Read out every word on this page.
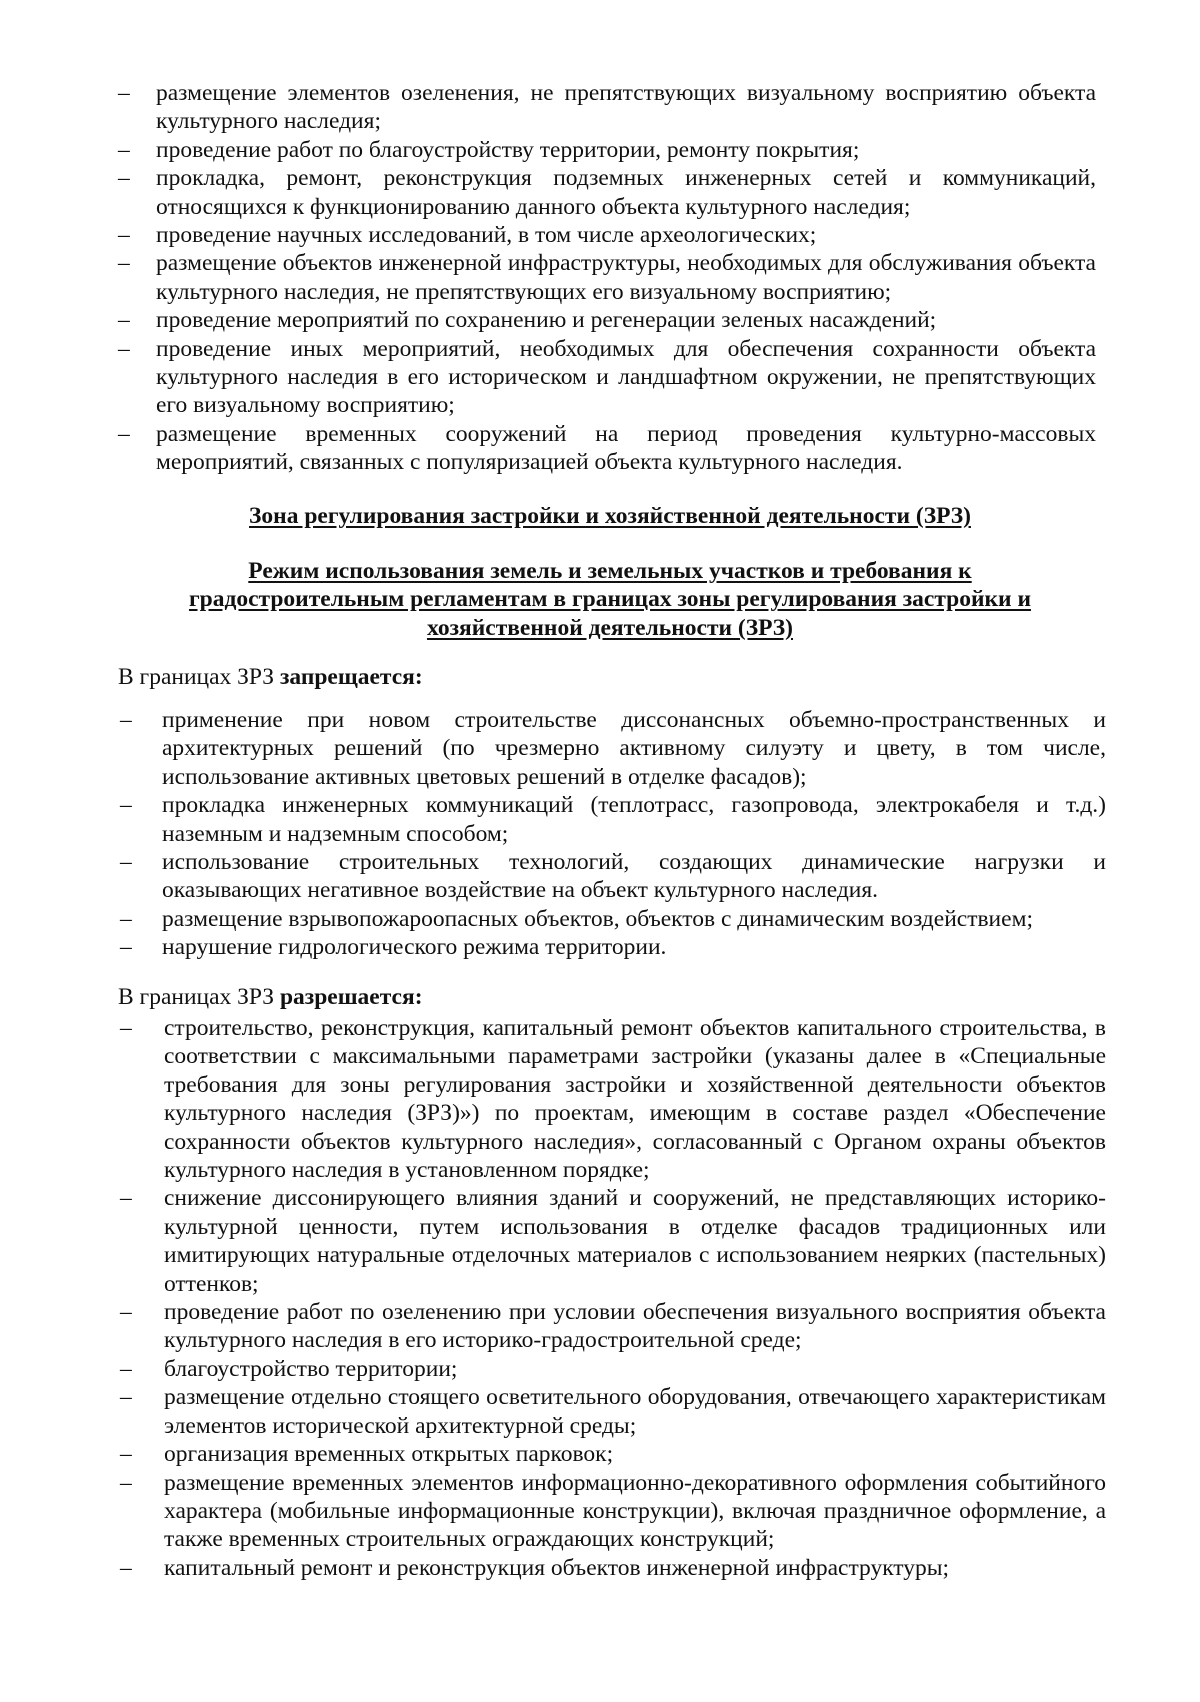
– размещение элементов озеленения, не препятствующих визуальному восприятию объекта культурного наследия;
– проведение работ по благоустройству территории, ремонту покрытия;
– прокладка, ремонт, реконструкция подземных инженерных сетей и коммуникаций, относящихся к функционированию данного объекта культурного наследия;
– проведение научных исследований, в том числе археологических;
– размещение объектов инженерной инфраструктуры, необходимых для обслуживания объекта культурного наследия, не препятствующих его визуальному восприятию;
– проведение мероприятий по сохранению и регенерации зеленых насаждений;
– проведение иных мероприятий, необходимых для обеспечения сохранности объекта культурного наследия в его историческом и ландшафтном окружении, не препятствующих его визуальному восприятию;
– размещение временных сооружений на период проведения культурно-массовых мероприятий, связанных с популяризацией объекта культурного наследия.
Зона регулирования застройки и хозяйственной деятельности (ЗРЗ)
Режим использования земель и земельных участков и требования к
градостроительным регламентам в границах зоны регулирования застройки и
хозяйственной деятельности (ЗРЗ)
В границах ЗРЗ запрещается:
– применение при новом строительстве диссонансных объемно-пространственных и архитектурных решений (по чрезмерно активному силуэту и цвету, в том числе, использование активных цветовых решений в отделке фасадов);
– прокладка инженерных коммуникаций (теплотрасс, газопровода, электрокабеля и т.д.) наземным и надземным способом;
– использование строительных технологий, создающих динамические нагрузки и оказывающих негативное воздействие на объект культурного наследия.
– размещение взрывопожароопасных объектов, объектов с динамическим воздействием;
– нарушение гидрологического режима территории.
В границах ЗРЗ разрешается:
– строительство, реконструкция, капитальный ремонт объектов капитального строительства, в соответствии с максимальными параметрами застройки (указаны далее в «Специальные требования для зоны регулирования застройки и хозяйственной деятельности объектов культурного наследия (ЗРЗ)») по проектам, имеющим в составе раздел «Обеспечение сохранности объектов культурного наследия», согласованный с Органом охраны объектов культурного наследия в установленном порядке;
– снижение диссонирующего влияния зданий и сооружений, не представляющих историко-культурной ценности, путем использования в отделке фасадов традиционных или имитирующих натуральные отделочных материалов с использованием неярких (пастельных) оттенков;
– проведение работ по озеленению при условии обеспечения визуального восприятия объекта культурного наследия в его историко-градостроительной среде;
– благоустройство территории;
– размещение отдельно стоящего осветительного оборудования, отвечающего характеристикам элементов исторической архитектурной среды;
– организация временных открытых парковок;
– размещение временных элементов информационно-декоративного оформления событийного характера (мобильные информационные конструкции), включая праздничное оформление, а также временных строительных ограждающих конструкций;
– капитальный ремонт и реконструкция объектов инженерной инфраструктуры;
